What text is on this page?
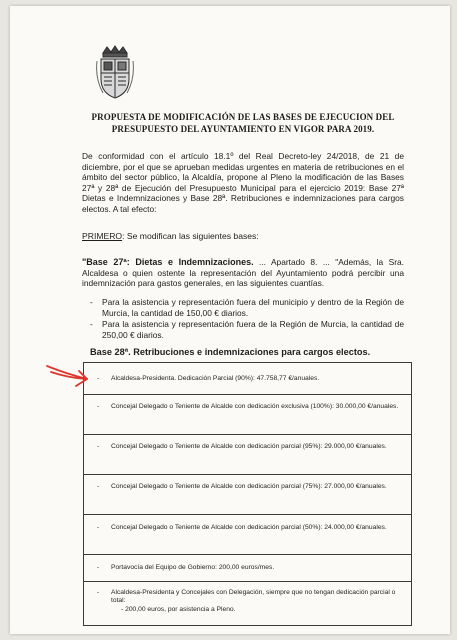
PROPUESTA DE MODIFICACIÓN DE LAS BASES DE EJECUCION DEL
PRESUPUESTO DEL AYUNTAMIENTO EN VIGOR PARA 2019.
De conformidad con el artículo 18.1º del Real Decreto-ley 24/2018, de 21 de diciembre, por el que se aprueban medidas urgentes en materia de retribuciones en el ámbito del sector público, la Alcaldía, propone al Pleno la modificación de las Bases 27ª y 28ª de Ejecución del Presupuesto Municipal para el ejercicio 2019: Base 27ª Dietas e Indemnizaciones y Base 28ª. Retribuciones e indemnizaciones para cargos electos. A tal efecto:
PRIMERO: Se modifican las siguientes bases:
"Base 27ª: Dietas e Indemnizaciones. ... Apartado 8. ... "Además, la Sra. Alcaldesa o quien ostente la representación del Ayuntamiento podrá percibir una indemnización para gastos generales, en las siguientes cuantías.
- Para la asistencia y representación fuera del municipio y dentro de la Región de Murcia, la cantidad de 150,00 € diarios.
- Para la asistencia y representación fuera de la Región de Murcia, la cantidad de 250,00 € diarios.
Base 28ª. Retribuciones e indemnizaciones para cargos electos.
- Alcaldesa-Presidenta. Dedicación Parcial (90%): 47.758,77 €/anuales.
- Concejal Delegado o Teniente de Alcalde con dedicación exclusiva (100%): 30.000,00 €/anuales.
- Concejal Delegado o Teniente de Alcalde con dedicación parcial (95%): 29.000,00 €/anuales.
- Concejal Delegado o Teniente de Alcalde con dedicación parcial (75%): 27.000,00 €/anuales.
- Concejal Delegado o Teniente de Alcalde con dedicación parcial (50%): 24.000,00 €/anuales.
- Portavocía del Equipo de Gobierno: 200,00 euros/mes.
- Alcaldesa-Presidenta y Concejales con Delegación, siempre que no tengan dedicación parcial o total:
- 200,00 euros, por asistencia a Pleno.
